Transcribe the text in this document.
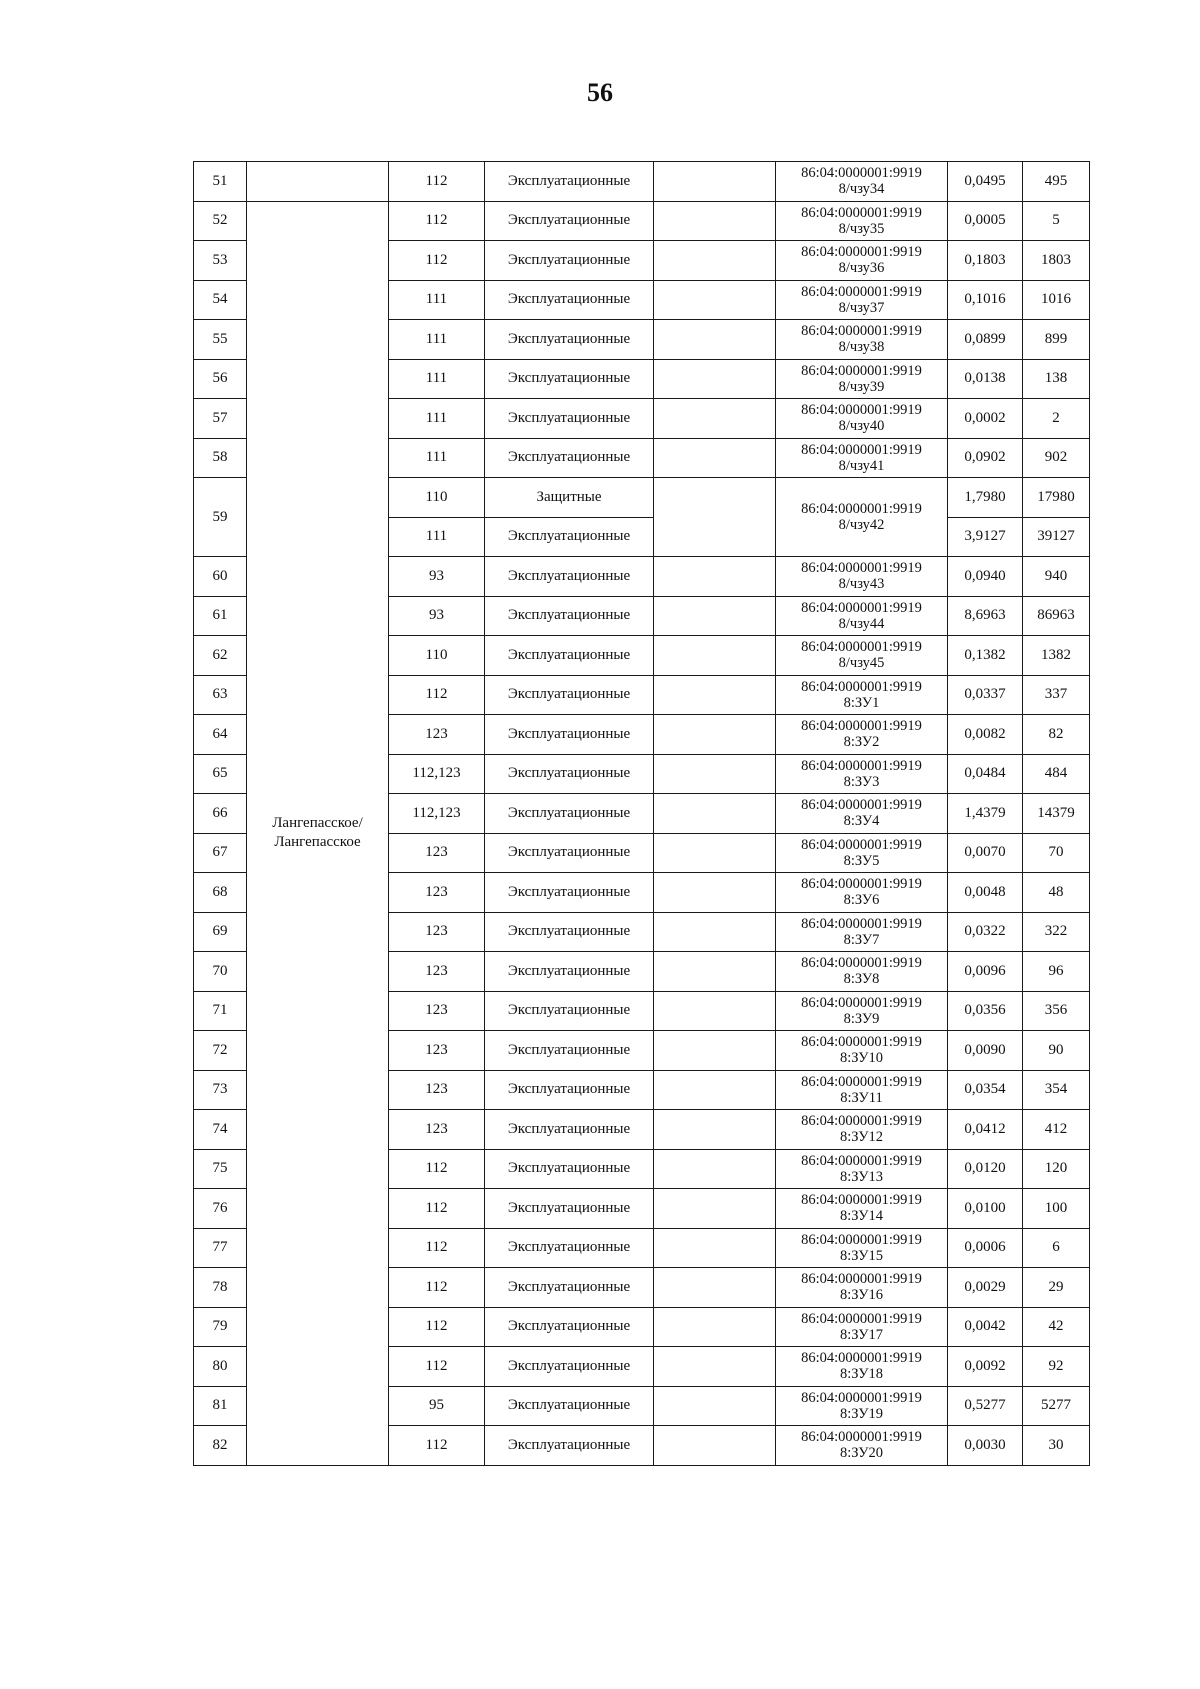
56
51		112	Эксплуатационные		86:04:0000001:9919
8/чзу34	0,0495	495
52	Лангепасское/
Лангепасское	112	Эксплуатационные		86:04:0000001:9919
8/чзу35	0,0005	5
53		112	Эксплуатационные		86:04:0000001:9919
8/чзу36	0,1803	1803
54		111	Эксплуатационные		86:04:0000001:9919
8/чзу37	0,1016	1016
55		111	Эксплуатационные		86:04:0000001:9919
8/чзу38	0,0899	899
56		111	Эксплуатационные		86:04:0000001:9919
8/чзу39	0,0138	138
57		111	Эксплуатационные		86:04:0000001:9919
8/чзу40	0,0002	2
58		111	Эксплуатационные		86:04:0000001:9919
8/чзу41	0,0902	902
59		110	Защитные		86:04:0000001:9919
8/чзу42	1,7980	17980
		111	Эксплуатационные			3,9127	39127
60		93	Эксплуатационные		86:04:0000001:9919
8/чзу43	0,0940	940
61		93	Эксплуатационные		86:04:0000001:9919
8/чзу44	8,6963	86963
62		110	Эксплуатационные		86:04:0000001:9919
8/чзу45	0,1382	1382
63		112	Эксплуатационные		86:04:0000001:9919
8:ЗУ1	0,0337	337
64		123	Эксплуатационные		86:04:0000001:9919
8:ЗУ2	0,0082	82
65		112,123	Эксплуатационные		86:04:0000001:9919
8:ЗУ3	0,0484	484
66		112,123	Эксплуатационные		86:04:0000001:9919
8:ЗУ4	1,4379	14379
67		123	Эксплуатационные		86:04:0000001:9919
8:ЗУ5	0,0070	70
68		123	Эксплуатационные		86:04:0000001:9919
8:ЗУ6	0,0048	48
69		123	Эксплуатационные		86:04:0000001:9919
8:ЗУ7	0,0322	322
70		123	Эксплуатационные		86:04:0000001:9919
8:ЗУ8	0,0096	96
71		123	Эксплуатационные		86:04:0000001:9919
8:ЗУ9	0,0356	356
72		123	Эксплуатационные		86:04:0000001:9919
8:ЗУ10	0,0090	90
73		123	Эксплуатационные		86:04:0000001:9919
8:ЗУ11	0,0354	354
74		123	Эксплуатационные		86:04:0000001:9919
8:ЗУ12	0,0412	412
75		112	Эксплуатационные		86:04:0000001:9919
8:ЗУ13	0,0120	120
76		112	Эксплуатационные		86:04:0000001:9919
8:ЗУ14	0,0100	100
77		112	Эксплуатационные		86:04:0000001:9919
8:ЗУ15	0,0006	6
78		112	Эксплуатационные		86:04:0000001:9919
8:ЗУ16	0,0029	29
79		112	Эксплуатационные		86:04:0000001:9919
8:ЗУ17	0,0042	42
80		112	Эксплуатационные		86:04:0000001:9919
8:ЗУ18	0,0092	92
81		95	Эксплуатационные		86:04:0000001:9919
8:ЗУ19	0,5277	5277
82		112	Эксплуатационные		86:04:0000001:9919
8:ЗУ20	0,0030	30
